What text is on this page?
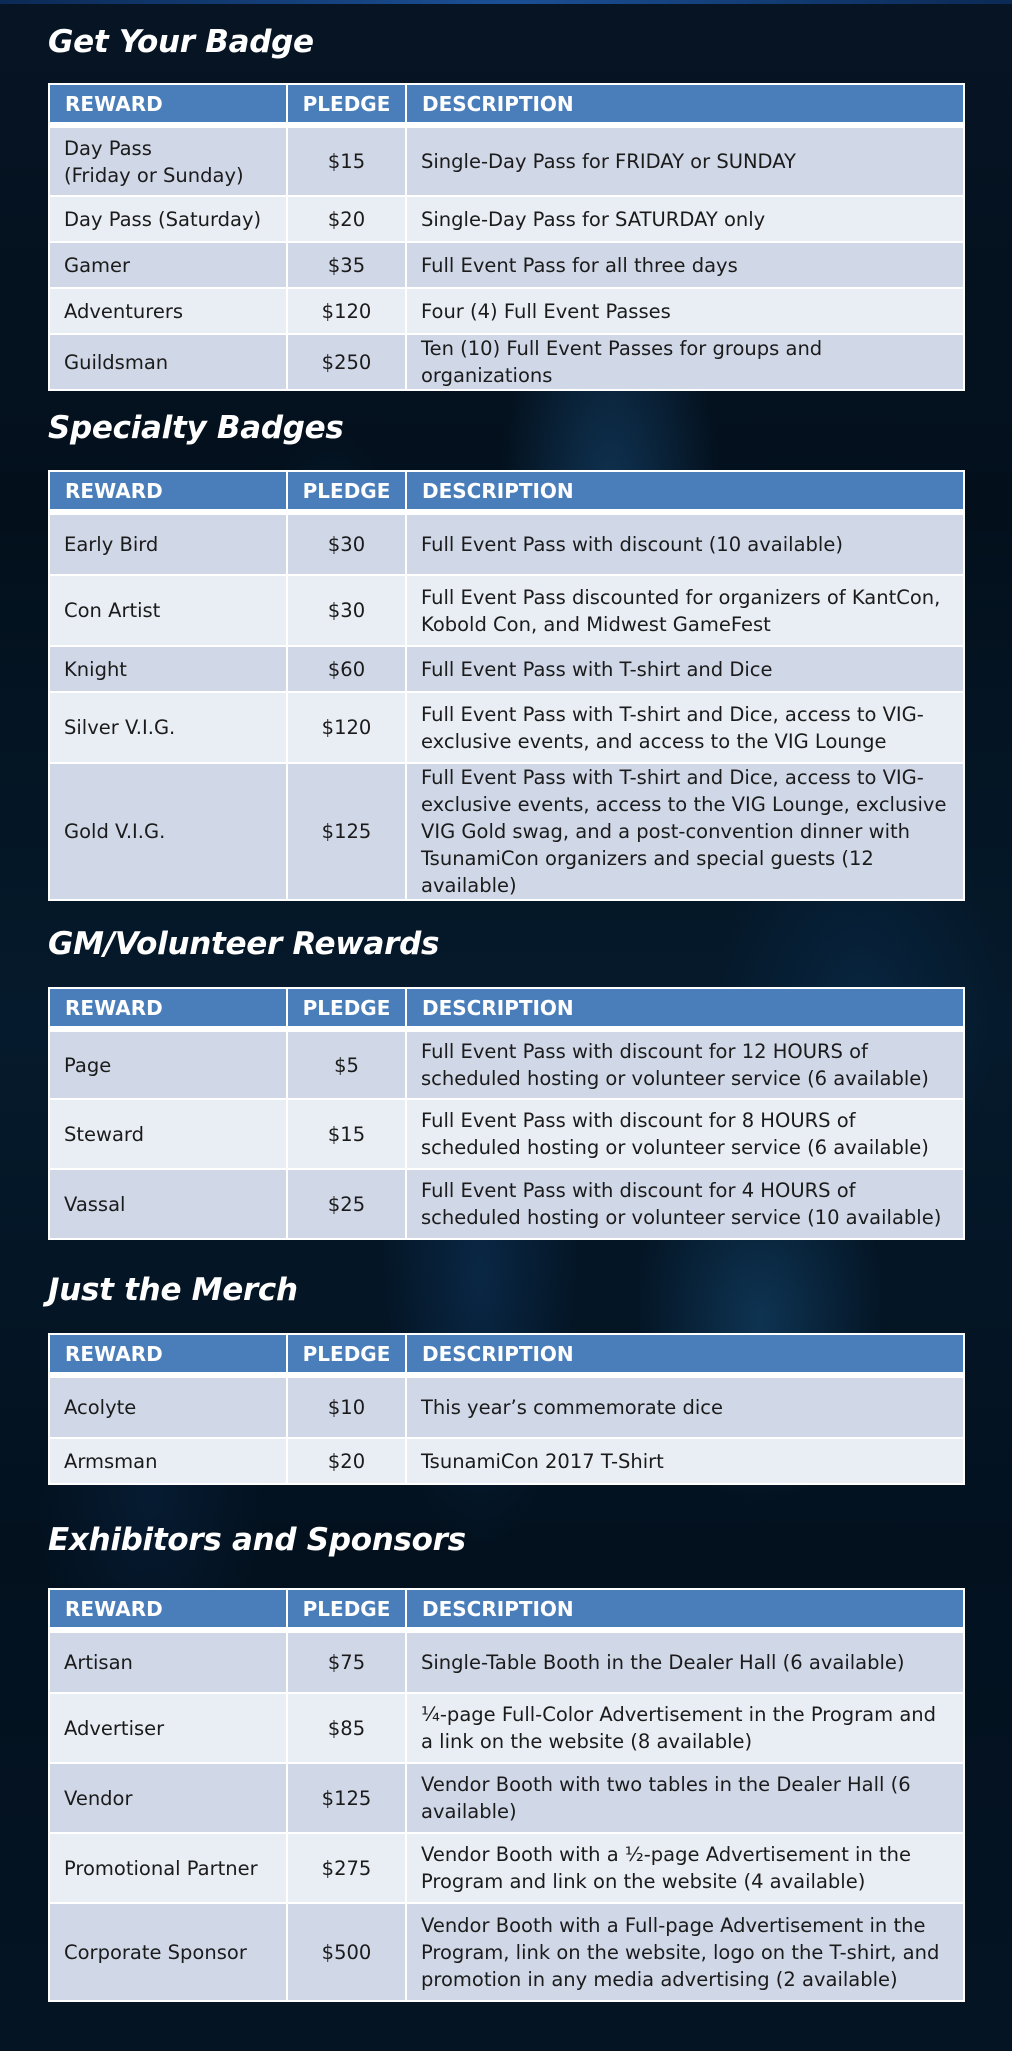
Get Your Badge
REWARD	PLEDGE	DESCRIPTION
Day Pass
(Friday or Sunday)	$15	Single-Day Pass for FRIDAY or SUNDAY
Day Pass (Saturday)	$20	Single-Day Pass for SATURDAY only
Gamer	$35	Full Event Pass for all three days
Adventurers	$120	Four (4) Full Event Passes
Guildsman	$250	Ten (10) Full Event Passes for groups and organizations
Specialty Badges
REWARD	PLEDGE	DESCRIPTION
Early Bird	$30	Full Event Pass with discount (10 available)
Con Artist	$30	Full Event Pass discounted for organizers of KantCon, Kobold Con, and Midwest GameFest
Knight	$60	Full Event Pass with T-shirt and Dice
Silver V.I.G.	$120	Full Event Pass with T-shirt and Dice, access to VIG-exclusive events, and access to the VIG Lounge
Gold V.I.G.	$125	Full Event Pass with T-shirt and Dice, access to VIG-exclusive events, access to the VIG Lounge, exclusive VIG Gold swag, and a post-convention dinner with TsunamiCon organizers and special guests (12 available)
GM/Volunteer Rewards
REWARD	PLEDGE	DESCRIPTION
Page	$5	Full Event Pass with discount for 12 HOURS of scheduled hosting or volunteer service (6 available)
Steward	$15	Full Event Pass with discount for 8 HOURS of scheduled hosting or volunteer service (6 available)
Vassal	$25	Full Event Pass with discount for 4 HOURS of scheduled hosting or volunteer service (10 available)
Just the Merch
REWARD	PLEDGE	DESCRIPTION
Acolyte	$10	This year’s commemorate dice
Armsman	$20	TsunamiCon 2017 T-Shirt
Exhibitors and Sponsors
REWARD	PLEDGE	DESCRIPTION
Artisan	$75	Single-Table Booth in the Dealer Hall (6 available)
Advertiser	$85	¼-page Full-Color Advertisement in the Program and a link on the website (8 available)
Vendor	$125	Vendor Booth with two tables in the Dealer Hall (6 available)
Promotional Partner	$275	Vendor Booth with a ½-page Advertisement in the Program and link on the website (4 available)
Corporate Sponsor	$500	Vendor Booth with a Full-page Advertisement in the Program, link on the website, logo on the T-shirt, and promotion in any media advertising (2 available)
